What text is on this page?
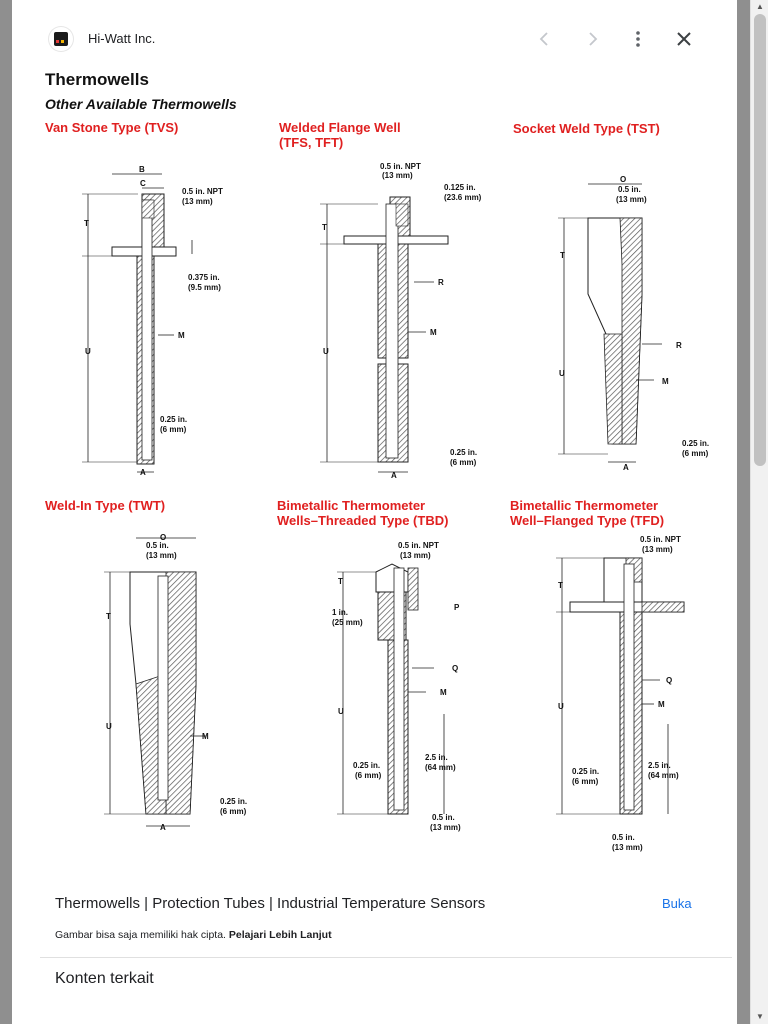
Hi-Watt Inc.
Thermowells
Other Available Thermowells
Van Stone Type (TVS)	Welded Flange Well
(TFS, TFT)
Socket Weld Type (TST)
Weld-In Type (TWT)	Bimetallic Thermometer
Wells–Threaded Type (TBD)
Bimetallic Thermometer
Well–Flanged Type (TFD)
B
C
0.5 in. NPT
(13 mm)
T
0.375 in.
(9.5 mm)
M
U
0.25 in.
(6 mm)
A
0.5 in. NPT
(13 mm)
0.125 in.
(23.6 mm)
T
R
M
U
0.25 in.
(6 mm)
A
O
0.5 in.
(13 mm)
T
R
U
M
0.25 in.
(6 mm)
A
O
0.5 in.
(13 mm)
T
U
M
0.25 in.
(6 mm)
A
0.5 in. NPT
(13 mm)
T
P
1 in.
(25 mm)
Q
M
U
2.5 in.
(64 mm)
0.25 in.
(6 mm)
0.5 in.
(13 mm)
0.5 in. NPT
(13 mm)
T
U
Q
M
2.5 in.
(64 mm)
0.25 in.
(6 mm)
0.5 in.
(13 mm)
Thermowells | Protection Tubes | Industrial Temperature Sensors	Buka
Gambar bisa saja memiliki hak cipta. Pelajari Lebih Lanjut
Konten terkait
▲
▼
